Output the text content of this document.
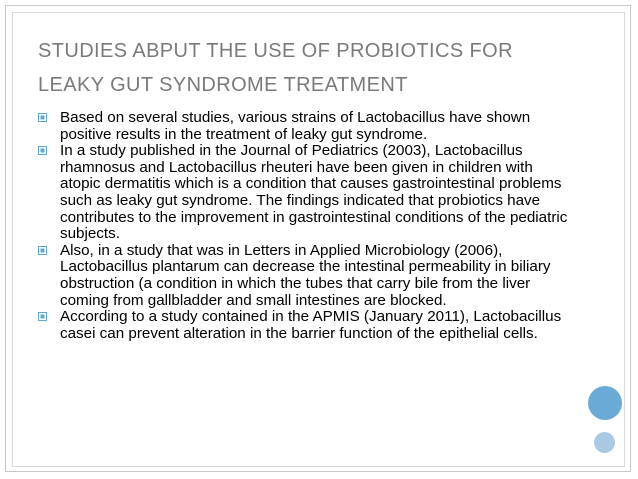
STUDIES ABPUT THE USE OF PROBIOTICS FOR
LEAKY GUT SYNDROME TREATMENT
Based on several studies, various strains of Lactobacillus have shown positive results in the treatment of leaky gut syndrome.
In a study published in the Journal of Pediatrics (2003), Lactobacillus rhamnosus and Lactobacillus rheuteri have been given in children with atopic dermatitis which is a condition that causes gastrointestinal problems such as leaky gut syndrome. The findings indicated that probiotics have contributes to the improvement in gastrointestinal conditions of the pediatric subjects.
Also, in a study that was in Letters in Applied Microbiology (2006), Lactobacillus plantarum can decrease the intestinal permeability in biliary obstruction (a condition in which the tubes that carry bile from the liver coming from gallbladder and small intestines are blocked.
According to a study contained in the APMIS (January 2011), Lactobacillus casei can prevent alteration in the barrier function of the epithelial cells.
